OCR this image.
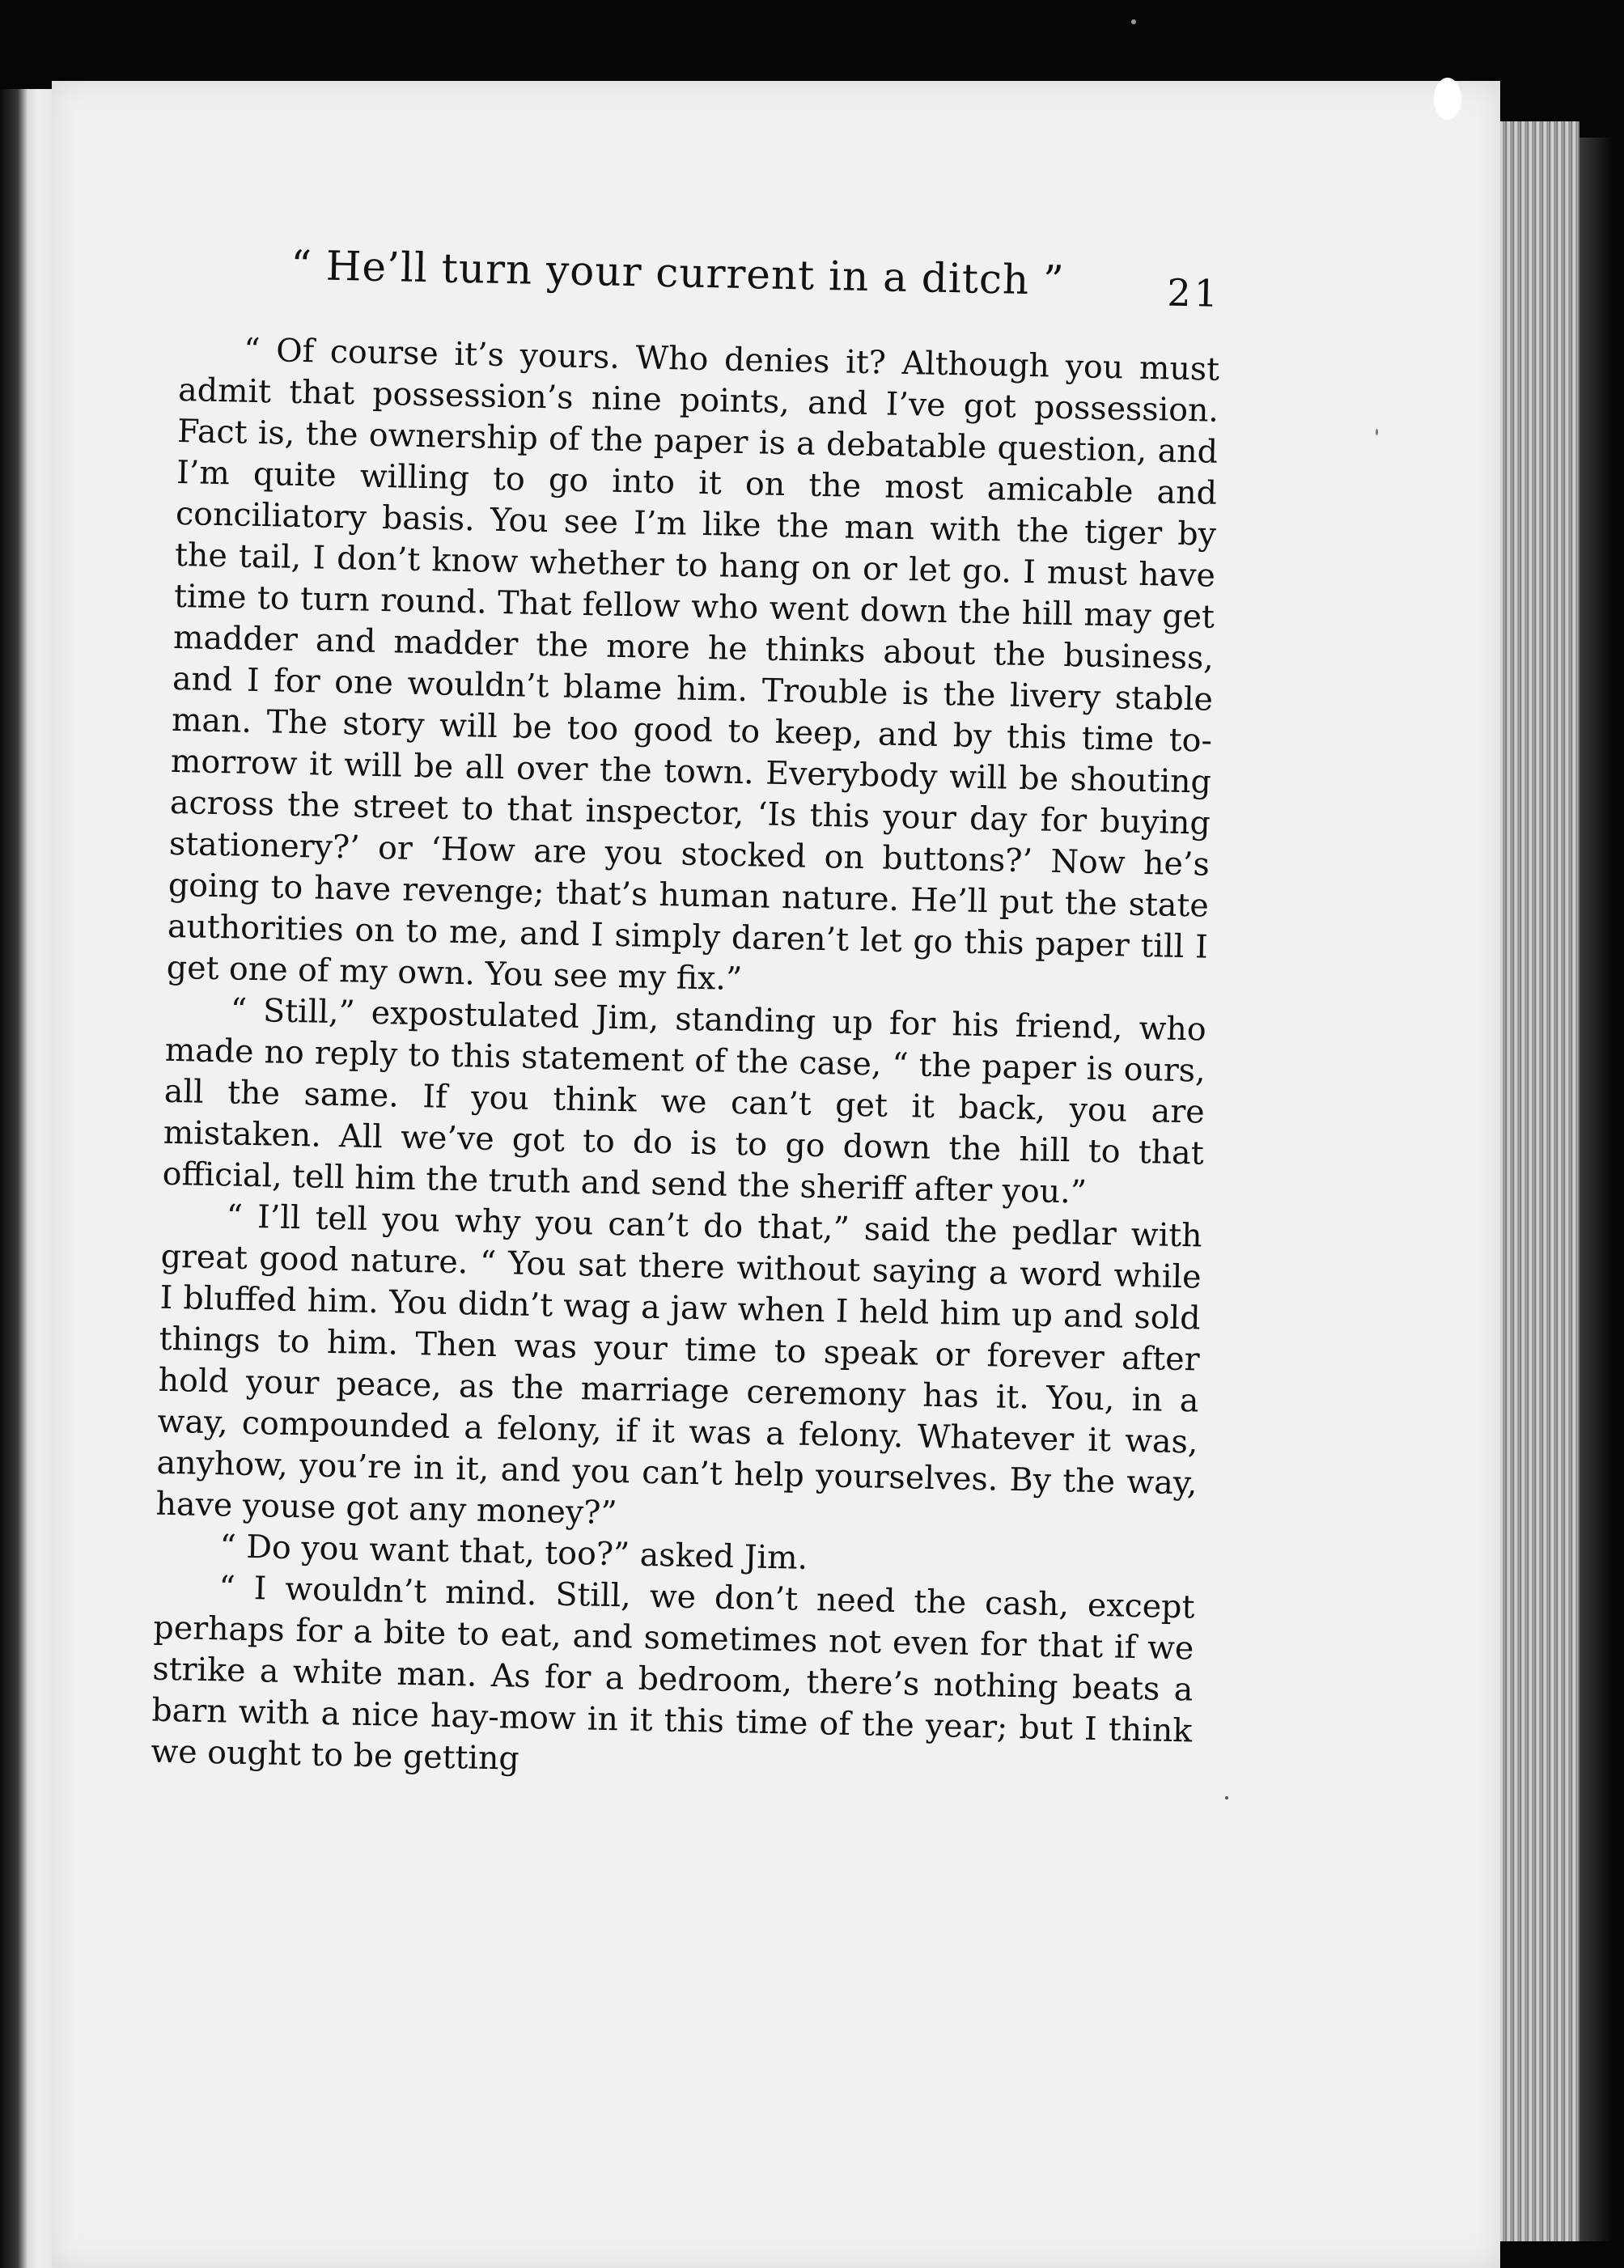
“ He’ll turn your current in a ditch ”	21

“ Of course it’s yours. Who denies it? Although you must admit that possession’s nine points, and I’ve got possession. Fact is, the ownership of the paper is a debatable question, and I’m quite willing to go into it on the most amicable and conciliatory basis. You see I’m like the man with the tiger by the tail, I don’t know whether to hang on or let go. I must have time to turn round. That fellow who went down the hill may get madder and madder the more he thinks about the business, and I for one wouldn’t blame him. Trouble is the livery stable man. The story will be too good to keep, and by this time to-morrow it will be all over the town. Everybody will be shouting across the street to that inspector, ‘Is this your day for buying stationery?’ or ‘How are you stocked on buttons?’ Now he’s going to have revenge; that’s human nature. He’ll put the state authorities on to me, and I simply daren’t let go this paper till I get one of my own. You see my fix.”

“ Still,” expostulated Jim, standing up for his friend, who made no reply to this statement of the case, “ the paper is ours, all the same. If you think we can’t get it back, you are mistaken. All we’ve got to do is to go down the hill to that official, tell him the truth and send the sheriff after you.”

“ I’ll tell you why you can’t do that,” said the pedlar with great good nature. “ You sat there without saying a word while I bluffed him. You didn’t wag a jaw when I held him up and sold things to him. Then was your time to speak or forever after hold your peace, as the marriage ceremony has it. You, in a way, compounded a felony, if it was a felony. Whatever it was, anyhow, you’re in it, and you can’t help yourselves. By the way, have youse got any money?”

“ Do you want that, too?” asked Jim.

“ I wouldn’t mind. Still, we don’t need the cash, except perhaps for a bite to eat, and sometimes not even for that if we strike a white man. As for a bedroom, there’s nothing beats a barn with a nice hay-mow in it this time of the year; but I think we ought to be getting
